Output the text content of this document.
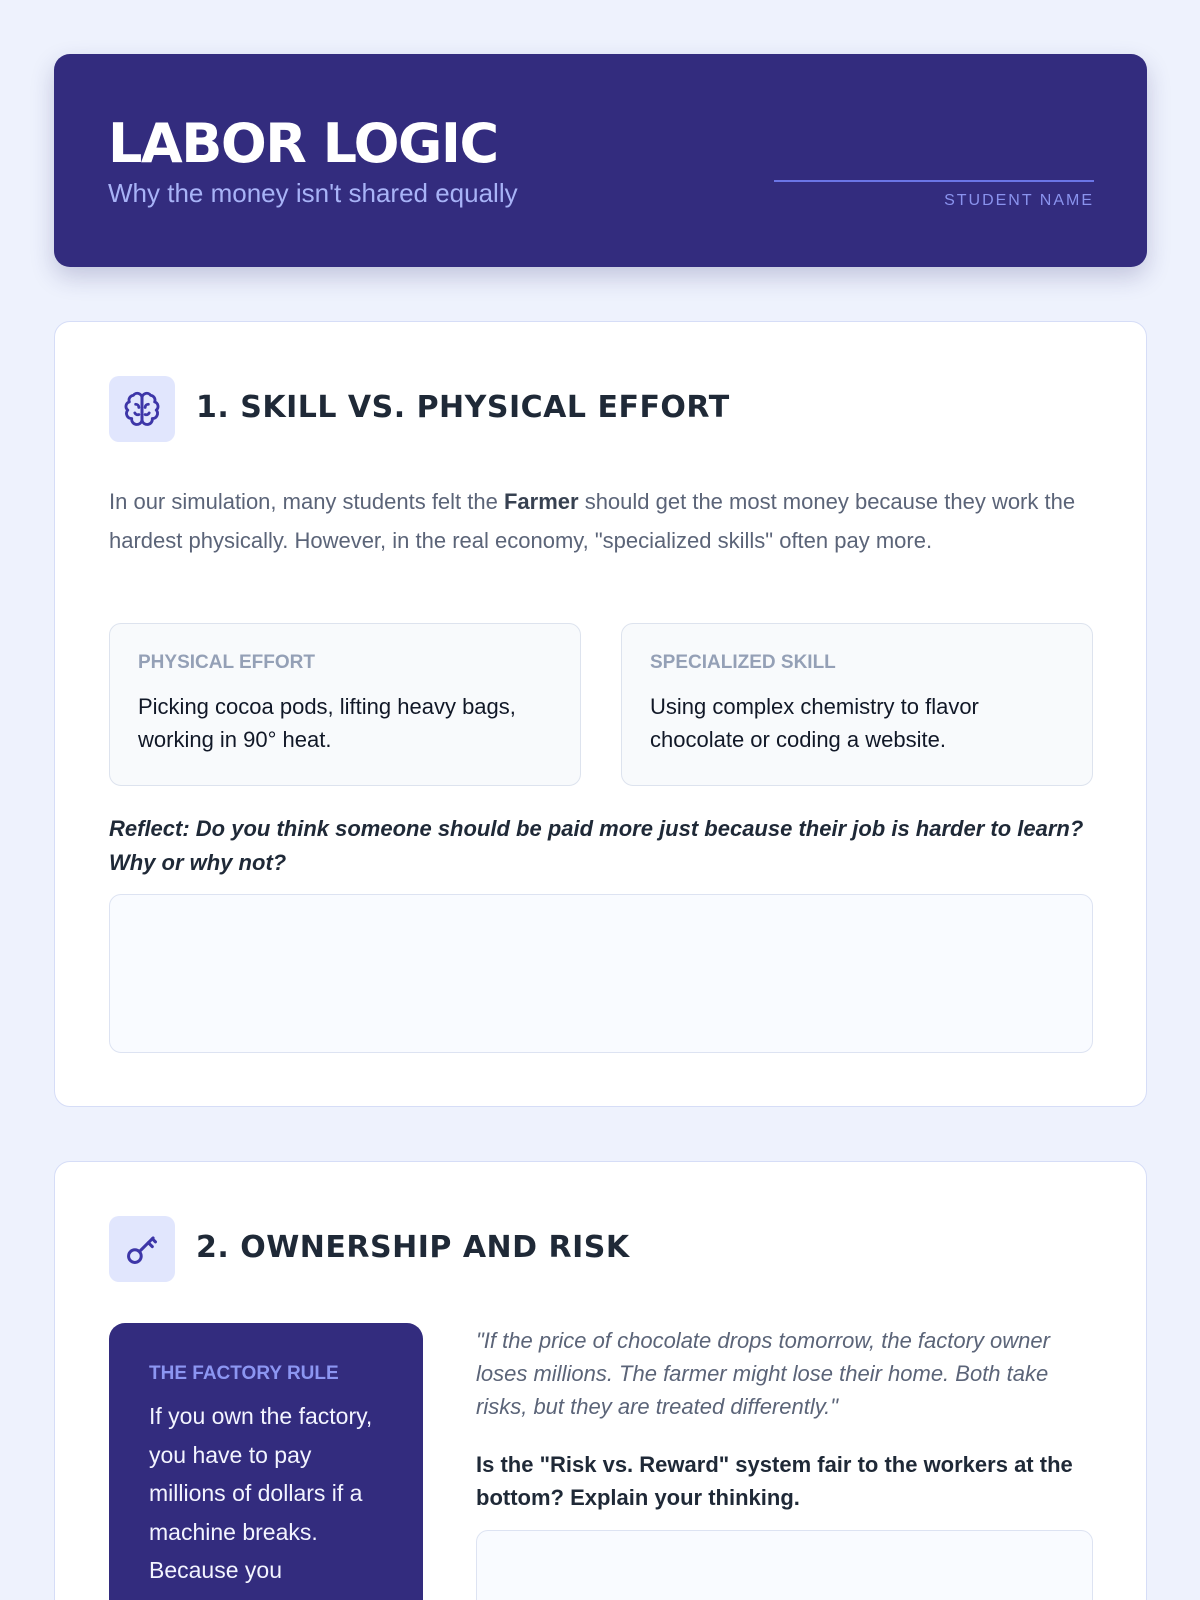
LABOR LOGIC
Why the money isn't shared equally	STUDENT NAME
1. SKILL VS. PHYSICAL EFFORT

In our simulation, many students felt the Farmer should get the most money because they work the hardest physically. However, in the real economy, "specialized skills" often pay more.

PHYSICAL EFFORT
Picking cocoa pods, lifting heavy bags, working in 90° heat.
SPECIALIZED SKILL
Using complex chemistry to flavor chocolate or coding a website.

Reflect: Do you think someone should be paid more just because their job is harder to learn? Why or why not?

2. OWNERSHIP AND RISK
THE FACTORY RULE
If you own the factory, you have to pay millions of dollars if a machine breaks. Because you

"If the price of chocolate drops tomorrow, the factory owner loses millions. The farmer might lose their home. Both take risks, but they are treated differently."

Is the "Risk vs. Reward" system fair to the workers at the bottom? Explain your thinking.
